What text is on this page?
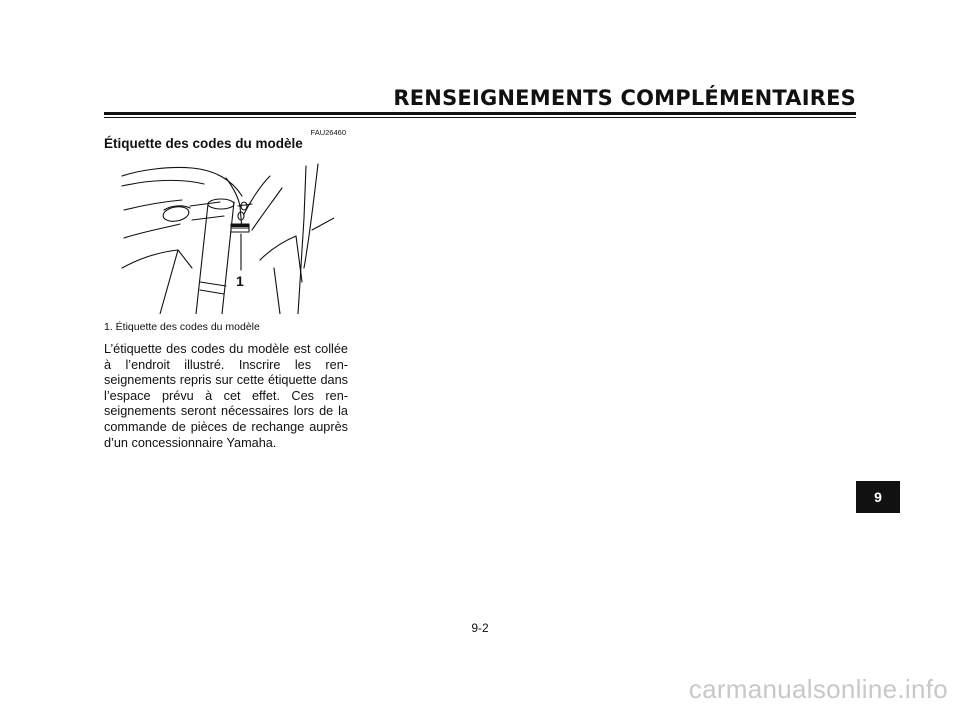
RENSEIGNEMENTS COMPLÉMENTAIRES
FAU26460
Étiquette des codes du modèle
1
1. Étiquette des codes du modèle

L’étiquette des codes du modèle est collée à l’endroit illustré. Inscrire les renseignements repris sur cette étiquette dans l’espace prévu à cet effet. Ces renseignements seront nécessaires lors de la commande de pièces de rechange auprès d’un concessionnaire Yamaha.

9
9-2
carmanualsonline.info
